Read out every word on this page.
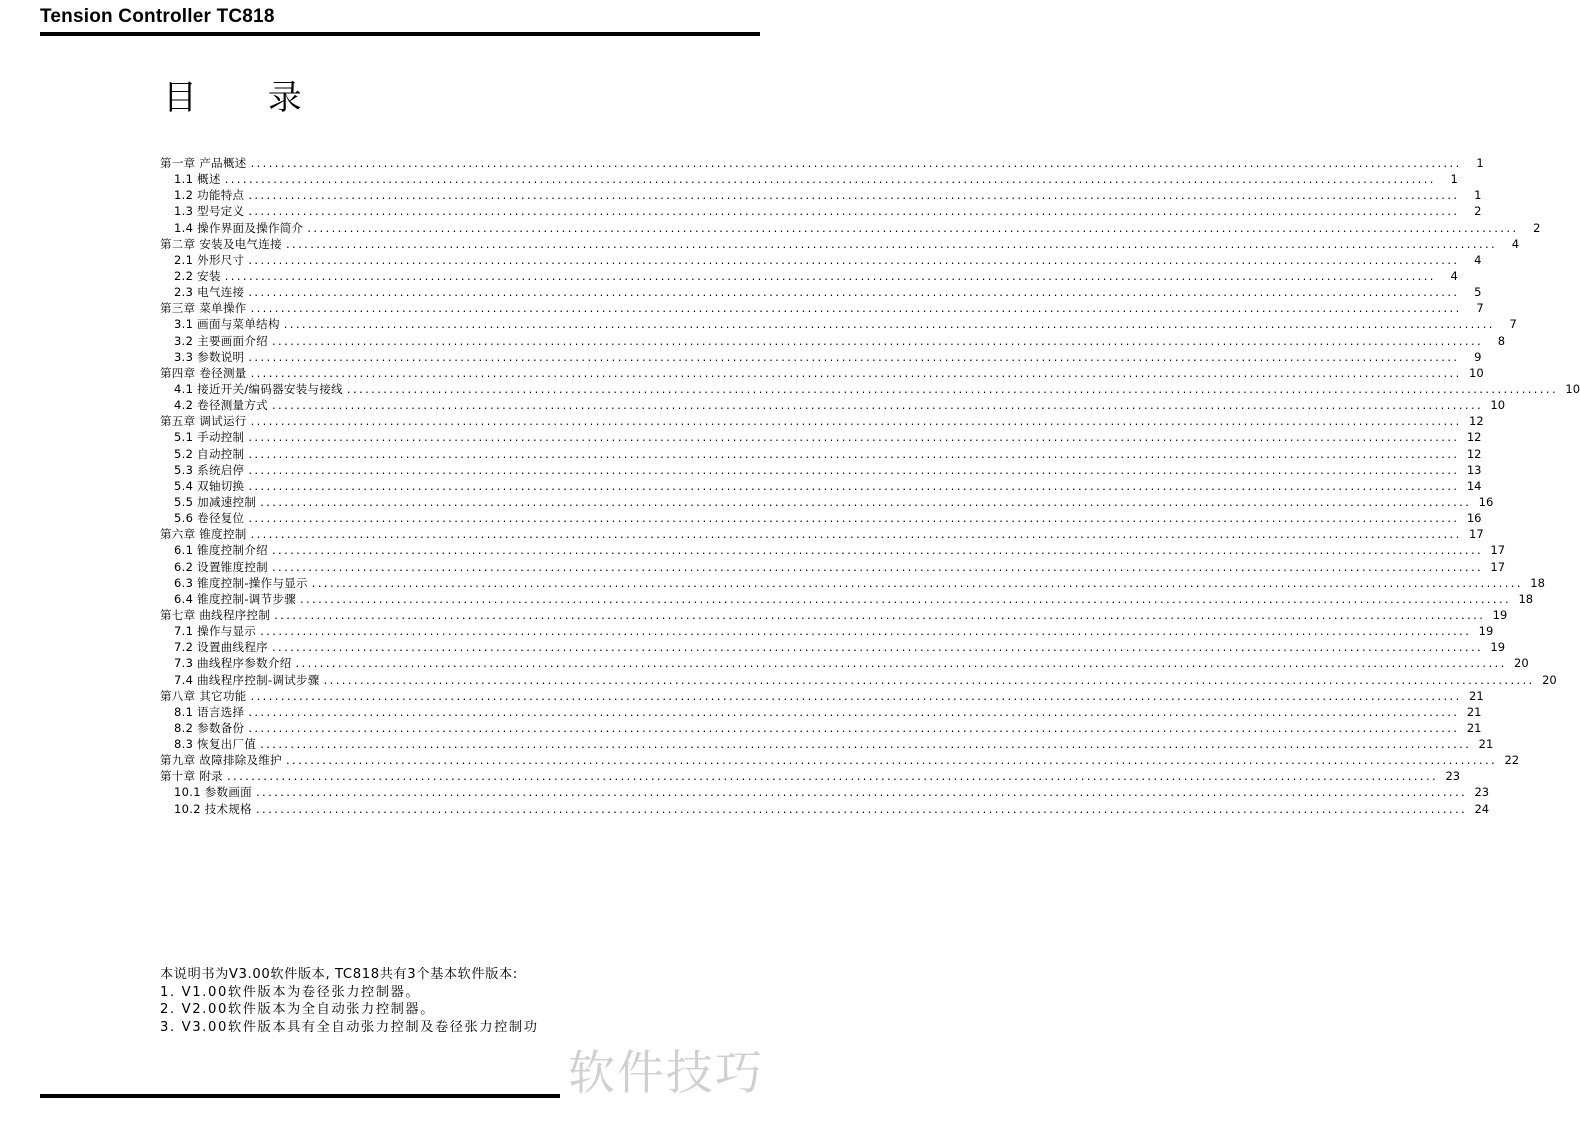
Tension Controller TC818
目 录
第一章 产品概述 ........................................................................................................................................................................................................	1
1.1 概述 ........................................................................................................................................................................................................	1
1.2 功能特点 ........................................................................................................................................................................................................	1
1.3 型号定义 ........................................................................................................................................................................................................	2
1.4 操作界面及操作简介 ........................................................................................................................................................................................................	2
第二章 安装及电气连接 ........................................................................................................................................................................................................	4
2.1 外形尺寸 ........................................................................................................................................................................................................	4
2.2 安装 ........................................................................................................................................................................................................	4
2.3 电气连接 ........................................................................................................................................................................................................	5
第三章 菜单操作 ........................................................................................................................................................................................................	7
3.1 画面与菜单结构 ........................................................................................................................................................................................................	7
3.2 主要画面介绍 ........................................................................................................................................................................................................	8
3.3 参数说明 ........................................................................................................................................................................................................	9
第四章 卷径测量 ........................................................................................................................................................................................................ 10
4.1 接近开关/编码器安装与接线 ........................................................................................................................................................................................................ 10
4.2 卷径测量方式 ........................................................................................................................................................................................................ 10
第五章 调试运行 ........................................................................................................................................................................................................ 12
5.1 手动控制 ........................................................................................................................................................................................................ 12
5.2 自动控制 ........................................................................................................................................................................................................ 12
5.3 系统启停 ........................................................................................................................................................................................................ 13
5.4 双轴切换 ........................................................................................................................................................................................................ 14
5.5 加减速控制 ........................................................................................................................................................................................................ 16
5.6 卷径复位 ........................................................................................................................................................................................................ 16
第六章 锥度控制 ........................................................................................................................................................................................................ 17
6.1 锥度控制介绍 ........................................................................................................................................................................................................ 17
6.2 设置锥度控制 ........................................................................................................................................................................................................ 17
6.3 锥度控制-操作与显示 ........................................................................................................................................................................................................ 18
6.4 锥度控制-调节步骤 ........................................................................................................................................................................................................ 18
第七章 曲线程序控制 ........................................................................................................................................................................................................ 19
7.1 操作与显示 ........................................................................................................................................................................................................ 19
7.2 设置曲线程序 ........................................................................................................................................................................................................ 19
7.3 曲线程序参数介绍 ........................................................................................................................................................................................................ 20
7.4 曲线程序控制-调试步骤 ........................................................................................................................................................................................................ 20
第八章 其它功能 ........................................................................................................................................................................................................ 21
8.1 语言选择 ........................................................................................................................................................................................................ 21
8.2 参数备份 ........................................................................................................................................................................................................ 21
8.3 恢复出厂值 ........................................................................................................................................................................................................ 21
第九章 故障排除及维护 ........................................................................................................................................................................................................ 22
第十章 附录 ........................................................................................................................................................................................................ 23
10.1 参数画面 ........................................................................................................................................................................................................ 23
10.2 技术规格 ........................................................................................................................................................................................................ 24
本说明书为V3.00软件版本, TC818共有3个基本软件版本:
1. V1.00软件版本为卷径张力控制器。
2. V2.00软件版本为全自动张力控制器。
3. V3.00软件版本具有全自动张力控制及卷径张力控制功
软件技巧
